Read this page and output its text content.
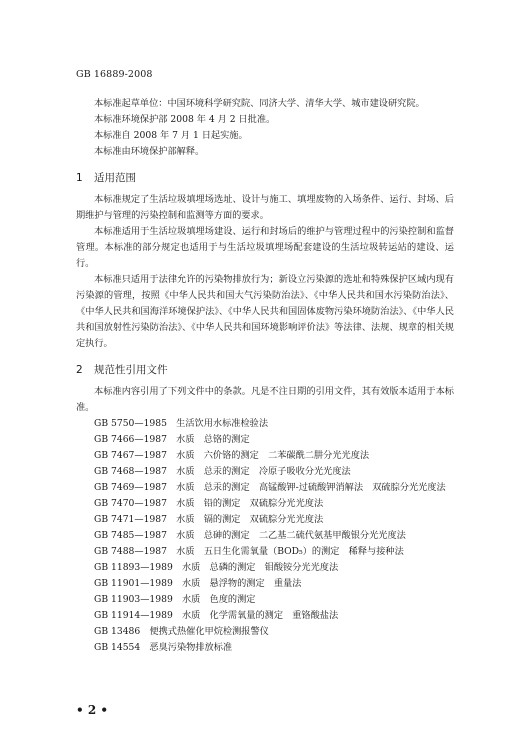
GB 16889-2008

本标准起草单位：中国环境科学研究院、同济大学、清华大学、城市建设研究院。

本标准环境保护部 2008 年 4 月 2 日批准。

本标准自 2008 年 7 月 1 日起实施。

本标准由环境保护部解释。

1 适用范围

本标准规定了生活垃圾填埋场选址、设计与施工、填埋废物的入场条件、运行、封场、后期维护与管理的污染控制和监测等方面的要求。

本标准适用于生活垃圾填埋场建设、运行和封场后的维护与管理过程中的污染控制和监督管理。本标准的部分规定也适用于与生活垃圾填埋场配套建设的生活垃圾转运站的建设、运行。

本标准只适用于法律允许的污染物排放行为；新设立污染源的选址和特殊保护区域内现有污染源的管理，按照《中华人民共和国大气污染防治法》、《中华人民共和国水污染防治法》、《中华人民共和国海洋环境保护法》、《中华人民共和国固体废物污染环境防治法》、《中华人民共和国放射性污染防治法》、《中华人民共和国环境影响评价法》等法律、法规、规章的相关规定执行。

2 规范性引用文件

本标准内容引用了下列文件中的条款。凡是不注日期的引用文件，其有效版本适用于本标准。

GB 5750—1985　生活饮用水标准检验法

GB 7466—1987　水质　总铬的测定

GB 7467—1987　水质　六价铬的测定　二苯碳酰二肼分光光度法

GB 7468—1987　水质　总汞的测定　冷原子吸收分光光度法

GB 7469—1987　水质　总汞的测定　高锰酸钾-过硫酸钾消解法　双硫腙分光光度法

GB 7470—1987　水质　铅的测定　双硫腙分光光度法

GB 7471—1987　水质　镉的测定　双硫腙分光光度法

GB 7485—1987　水质　总砷的测定　二乙基二硫代氨基甲酸银分光光度法

GB 7488—1987　水质　五日生化需氧量（BOD₅）的测定　稀释与接种法

GB 11893—1989　水质　总磷的测定　钼酸铵分光光度法

GB 11901—1989　水质　悬浮物的测定　重量法

GB 11903—1989　水质　色度的测定

GB 11914—1989　水质　化学需氧量的测定　重铬酸盐法

GB 13486　便携式热催化甲烷检测报警仪

GB 14554　恶臭污染物排放标准

• 2 •
